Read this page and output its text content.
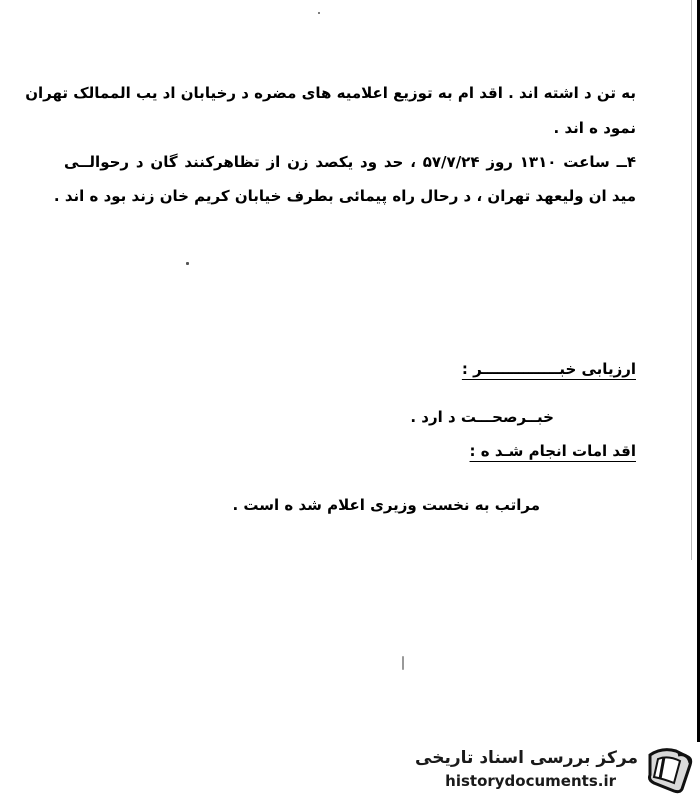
به تن د اشته اند . اقد ام به توزیع اعلامیه های مضره د رخیابان اد یب الممالک تهران
نمود ه اند .
۴ــ ساعت ۱۳۱۰ روز ۵۷/۷/۲۴ ، حد ود یکصد زن از تظاهرکنند گان د رحوالــی
مید ان ولیعهد تهران ، د رحال راه پیمائی بطرف خیابان کریم خان زند بود ه اند .
ارزیابی خبـــــــــــــــر :
خبــرصحـــت د ارد .
اقد امات انجام شـد ه :
مراتب به نخست وزیری اعلام شد ه است .
مرکز بررسی اسناد تاریخی
historydocuments.ir
